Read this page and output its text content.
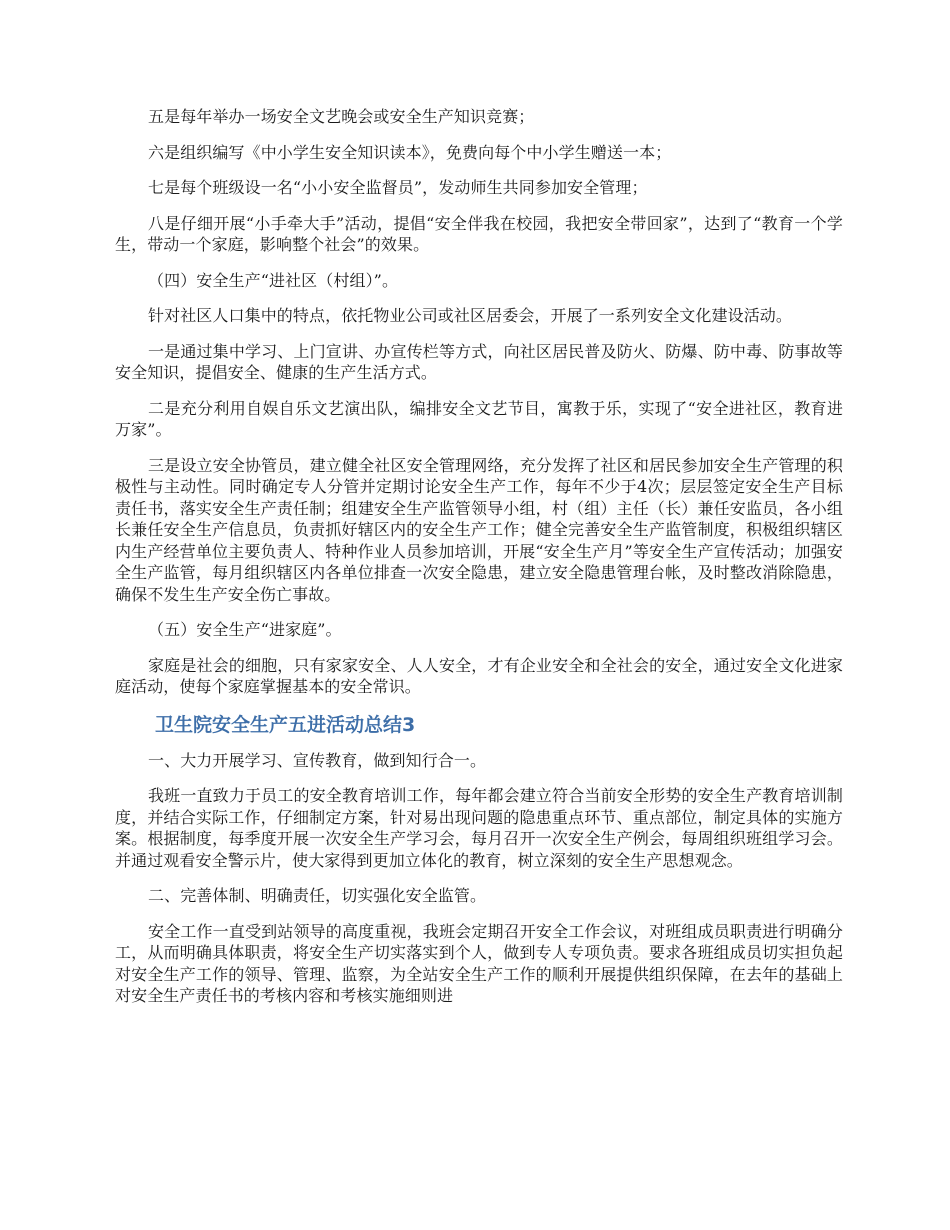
五是每年举办一场安全文艺晚会或安全生产知识竞赛；

六是组织编写《中小学生安全知识读本》，免费向每个中小学生赠送一本；

七是每个班级设一名“小小安全监督员”，发动师生共同参加安全管理；

八是仔细开展“小手牵大手”活动，提倡“安全伴我在校园，我把安全带回家”，达到了“教育一个学生，带动一个家庭，影响整个社会”的效果。

（四）安全生产“进社区（村组）”。

针对社区人口集中的特点，依托物业公司或社区居委会，开展了一系列安全文化建设活动。

一是通过集中学习、上门宣讲、办宣传栏等方式，向社区居民普及防火、防爆、防中毒、防事故等安全知识，提倡安全、健康的生产生活方式。

二是充分利用自娱自乐文艺演出队，编排安全文艺节目，寓教于乐，实现了“安全进社区，教育进万家”。

三是设立安全协管员，建立健全社区安全管理网络，充分发挥了社区和居民参加安全生产管理的积极性与主动性。同时确定专人分管并定期讨论安全生产工作，每年不少于4次；层层签定安全生产目标责任书，落实安全生产责任制；组建安全生产监管领导小组，村（组）主任（长）兼任安监员，各小组长兼任安全生产信息员，负责抓好辖区内的安全生产工作；健全完善安全生产监管制度，积极组织辖区内生产经营单位主要负责人、特种作业人员参加培训，开展“安全生产月”等安全生产宣传活动；加强安全生产监管，每月组织辖区内各单位排查一次安全隐患，建立安全隐患管理台帐，及时整改消除隐患，确保不发生生产安全伤亡事故。

（五）安全生产“进家庭”。

家庭是社会的细胞，只有家家安全、人人安全，才有企业安全和全社会的安全，通过安全文化进家庭活动，使每个家庭掌握基本的安全常识。

卫生院安全生产五进活动总结3

一、大力开展学习、宣传教育，做到知行合一。

我班一直致力于员工的安全教育培训工作，每年都会建立符合当前安全形势的安全生产教育培训制度，并结合实际工作，仔细制定方案，针对易出现问题的隐患重点环节、重点部位，制定具体的实施方案。根据制度，每季度开展一次安全生产学习会，每月召开一次安全生产例会，每周组织班组学习会。并通过观看安全警示片，使大家得到更加立体化的教育，树立深刻的安全生产思想观念。

二、完善体制、明确责任，切实强化安全监管。

安全工作一直受到站领导的高度重视，我班会定期召开安全工作会议，对班组成员职责进行明确分工，从而明确具体职责，将安全生产切实落实到个人，做到专人专项负责。要求各班组成员切实担负起对安全生产工作的领导、管理、监察，为全站安全生产工作的顺利开展提供组织保障，在去年的基础上对安全生产责任书的考核内容和考核实施细则进
